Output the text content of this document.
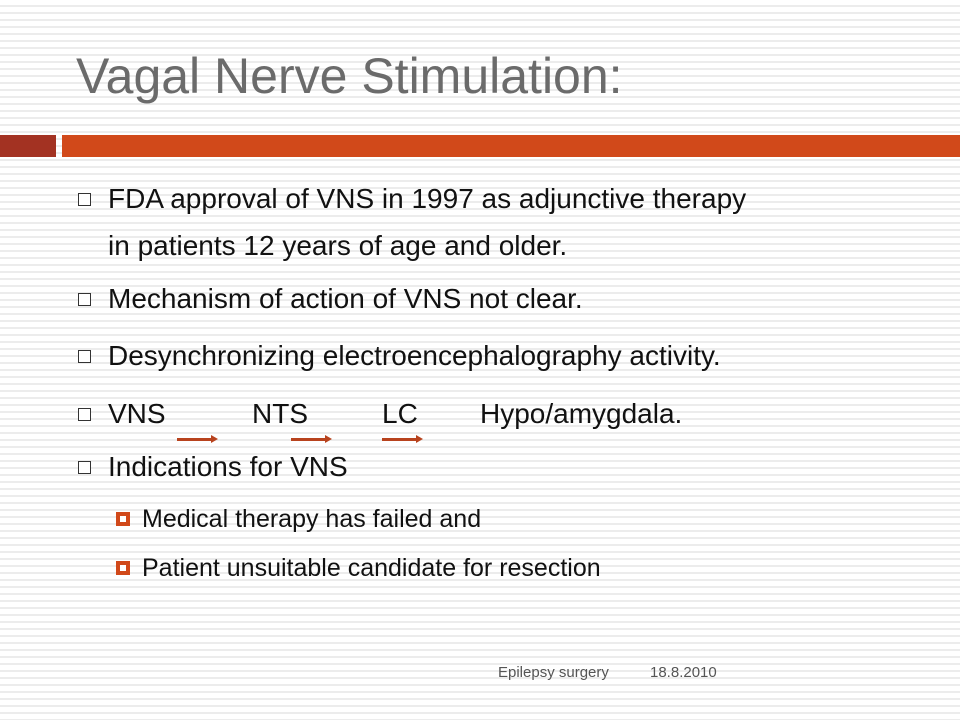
Vagal Nerve Stimulation:
FDA approval of VNS in 1997 as adjunctive therapy
in patients 12 years of age and older.
Mechanism of action of VNS not clear.
Desynchronizing electroencephalography activity.
VNS	NTS	LC Hypo/amygdala.
Indications for VNS
Medical therapy has failed and
Patient unsuitable candidate for resection
Epilepsy surgery	18.8.2010
